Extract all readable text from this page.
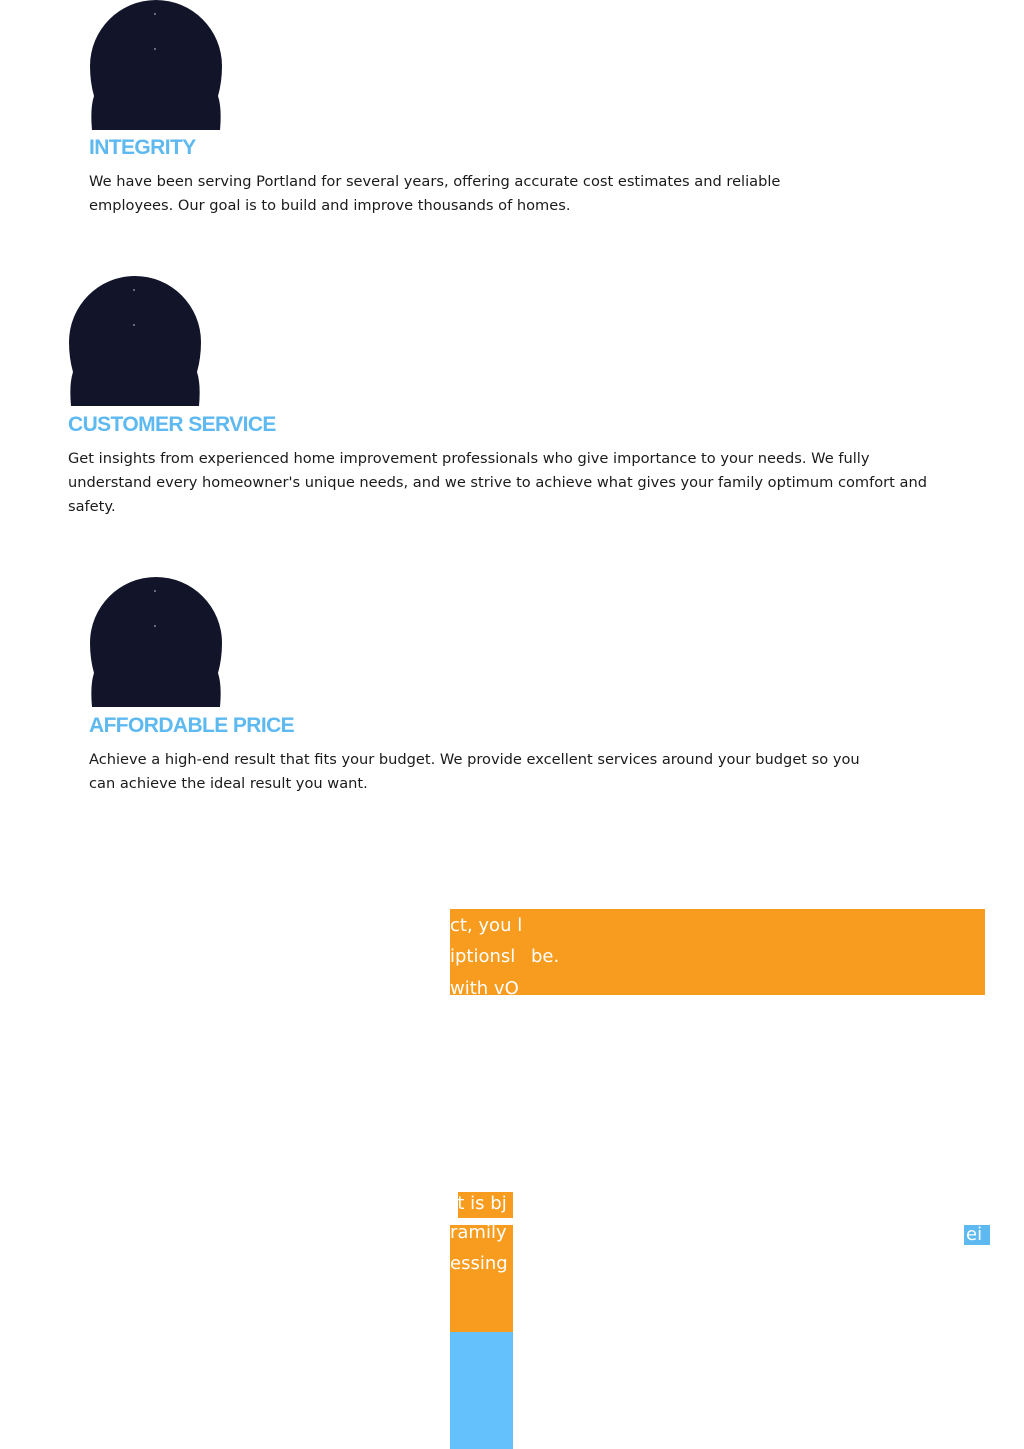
INTEGRITY

We have been serving Portland for several years, offering accurate cost estimates and reliable employees. Our goal is to build and improve thousands of homes.

CUSTOMER SERVICE

Get insights from experienced home improvement professionals who give importance to your needs. We fully understand every homeowner's unique needs, and we strive to achieve what gives your family optimum comfort and safety.

AFFORDABLE PRICE

Achieve a high-end result that fits your budget. We provide excellent services around your budget so you can achieve the ideal result you want.

ct, you l
iptionsl be.
with vO
rt is bj
ramily
essing
ei
